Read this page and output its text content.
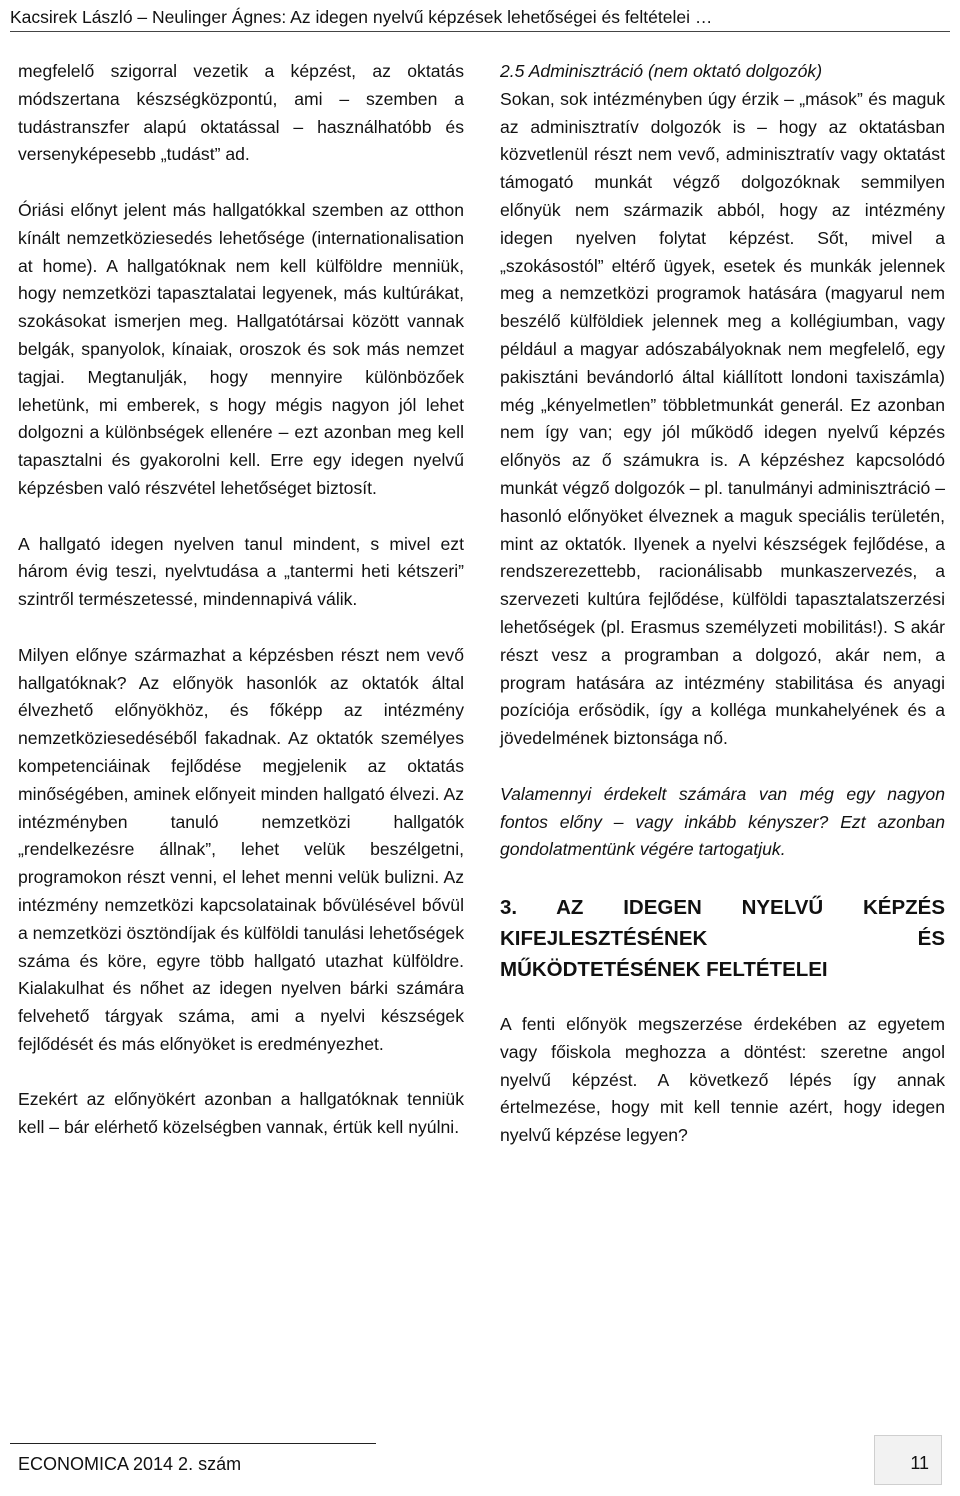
Kacsirek László – Neulinger Ágnes: Az idegen nyelvű képzések lehetőségei és feltételei …

megfelelő szigorral vezetik a képzést, az oktatás módszertana készségközpontú, ami – szemben a tudástranszfer alapú oktatással – használhatóbb és versenyképesebb „tudást” ad.

Óriási előnyt jelent más hallgatókkal szemben az otthon kínált nemzetköziesedés lehetősége (internationalisation at home). A hallgatóknak nem kell külföldre menniük, hogy nemzetközi tapasztalatai legyenek, más kultúrákat, szokásokat ismerjen meg. Hallgatótársai között vannak belgák, spanyolok, kínaiak, oroszok és sok más nemzet tagjai. Megtanulják, hogy mennyire különbözőek lehetünk, mi emberek, s hogy mégis nagyon jól lehet dolgozni a különbségek ellenére – ezt azonban meg kell tapasztalni és gyakorolni kell. Erre egy idegen nyelvű képzésben való részvétel lehetőséget biztosít.

A hallgató idegen nyelven tanul mindent, s mivel ezt három évig teszi, nyelvtudása a „tantermi heti kétszeri” szintről természetessé, mindennapivá válik.

Milyen előnye származhat a képzésben részt nem vevő hallgatóknak? Az előnyök hasonlók az oktatók által élvezhető előnyökhöz, és főképp az intézmény nemzetköziesedéséből fakadnak. Az oktatók személyes kompetenciáinak fejlődése megjelenik az oktatás minőségében, aminek előnyeit minden hallgató élvezi. Az intézményben tanuló nemzetközi hallgatók „rendelkezésre állnak”, lehet velük beszélgetni, programokon részt venni, el lehet menni velük bulizni. Az intézmény nemzetközi kapcsolatainak bővülésével bővül a nemzetközi ösztöndíjak és külföldi tanulási lehetőségek száma és köre, egyre több hallgató utazhat külföldre. Kialakulhat és nőhet az idegen nyelven bárki számára felvehető tárgyak száma, ami a nyelvi készségek fejlődését és más előnyöket is eredményezhet.

Ezekért az előnyökért azonban a hallgatóknak tenniük kell – bár elérhető közelségben vannak, értük kell nyúlni.

2.5 Adminisztráció (nem oktató dolgozók)

Sokan, sok intézményben úgy érzik – „mások” és maguk az adminisztratív dolgozók is – hogy az oktatásban közvetlenül részt nem vevő, adminisztratív vagy oktatást támogató munkát végző dolgozóknak semmilyen előnyük nem származik abból, hogy az intézmény idegen nyelven folytat képzést. Sőt, mivel a „szokásostól” eltérő ügyek, esetek és munkák jelennek meg a nemzetközi programok hatására (magyarul nem beszélő külföldiek jelennek meg a kollégiumban, vagy például a magyar adószabályoknak nem megfelelő, egy pakisztáni bevándorló által kiállított londoni taxiszámla) még „kényelmetlen” többletmunkát generál. Ez azonban nem így van; egy jól működő idegen nyelvű képzés előnyös az ő számukra is. A képzéshez kapcsolódó munkát végző dolgozók – pl. tanulmányi adminisztráció – hasonló előnyöket élveznek a maguk speciális területén, mint az oktatók. Ilyenek a nyelvi készségek fejlődése, a rendszerezettebb, racionálisabb munkaszervezés, a szervezeti kultúra fejlődése, külföldi tapasztalatszerzési lehetőségek (pl. Erasmus személyzeti mobilitás!). S akár részt vesz a programban a dolgozó, akár nem, a program hatására az intézmény stabilitása és anyagi pozíciója erősödik, így a kolléga munkahelyének és a jövedelmének biztonsága nő.

Valamennyi érdekelt számára van még egy nagyon fontos előny – vagy inkább kényszer? Ezt azonban gondolatmentünk végére tartogatjuk.

3. AZ IDEGEN NYELVŰ KÉPZÉS KIFEJLESZTÉSÉNEK ÉS MŰKÖDTETÉSÉNEK FELTÉTELEI

A fenti előnyök megszerzése érdekében az egyetem vagy főiskola meghozza a döntést: szeretne angol nyelvű képzést. A következő lépés így annak értelmezése, hogy mit kell tennie azért, hogy idegen nyelvű képzése legyen?

ECONOMICA 2014 2. szám	11
